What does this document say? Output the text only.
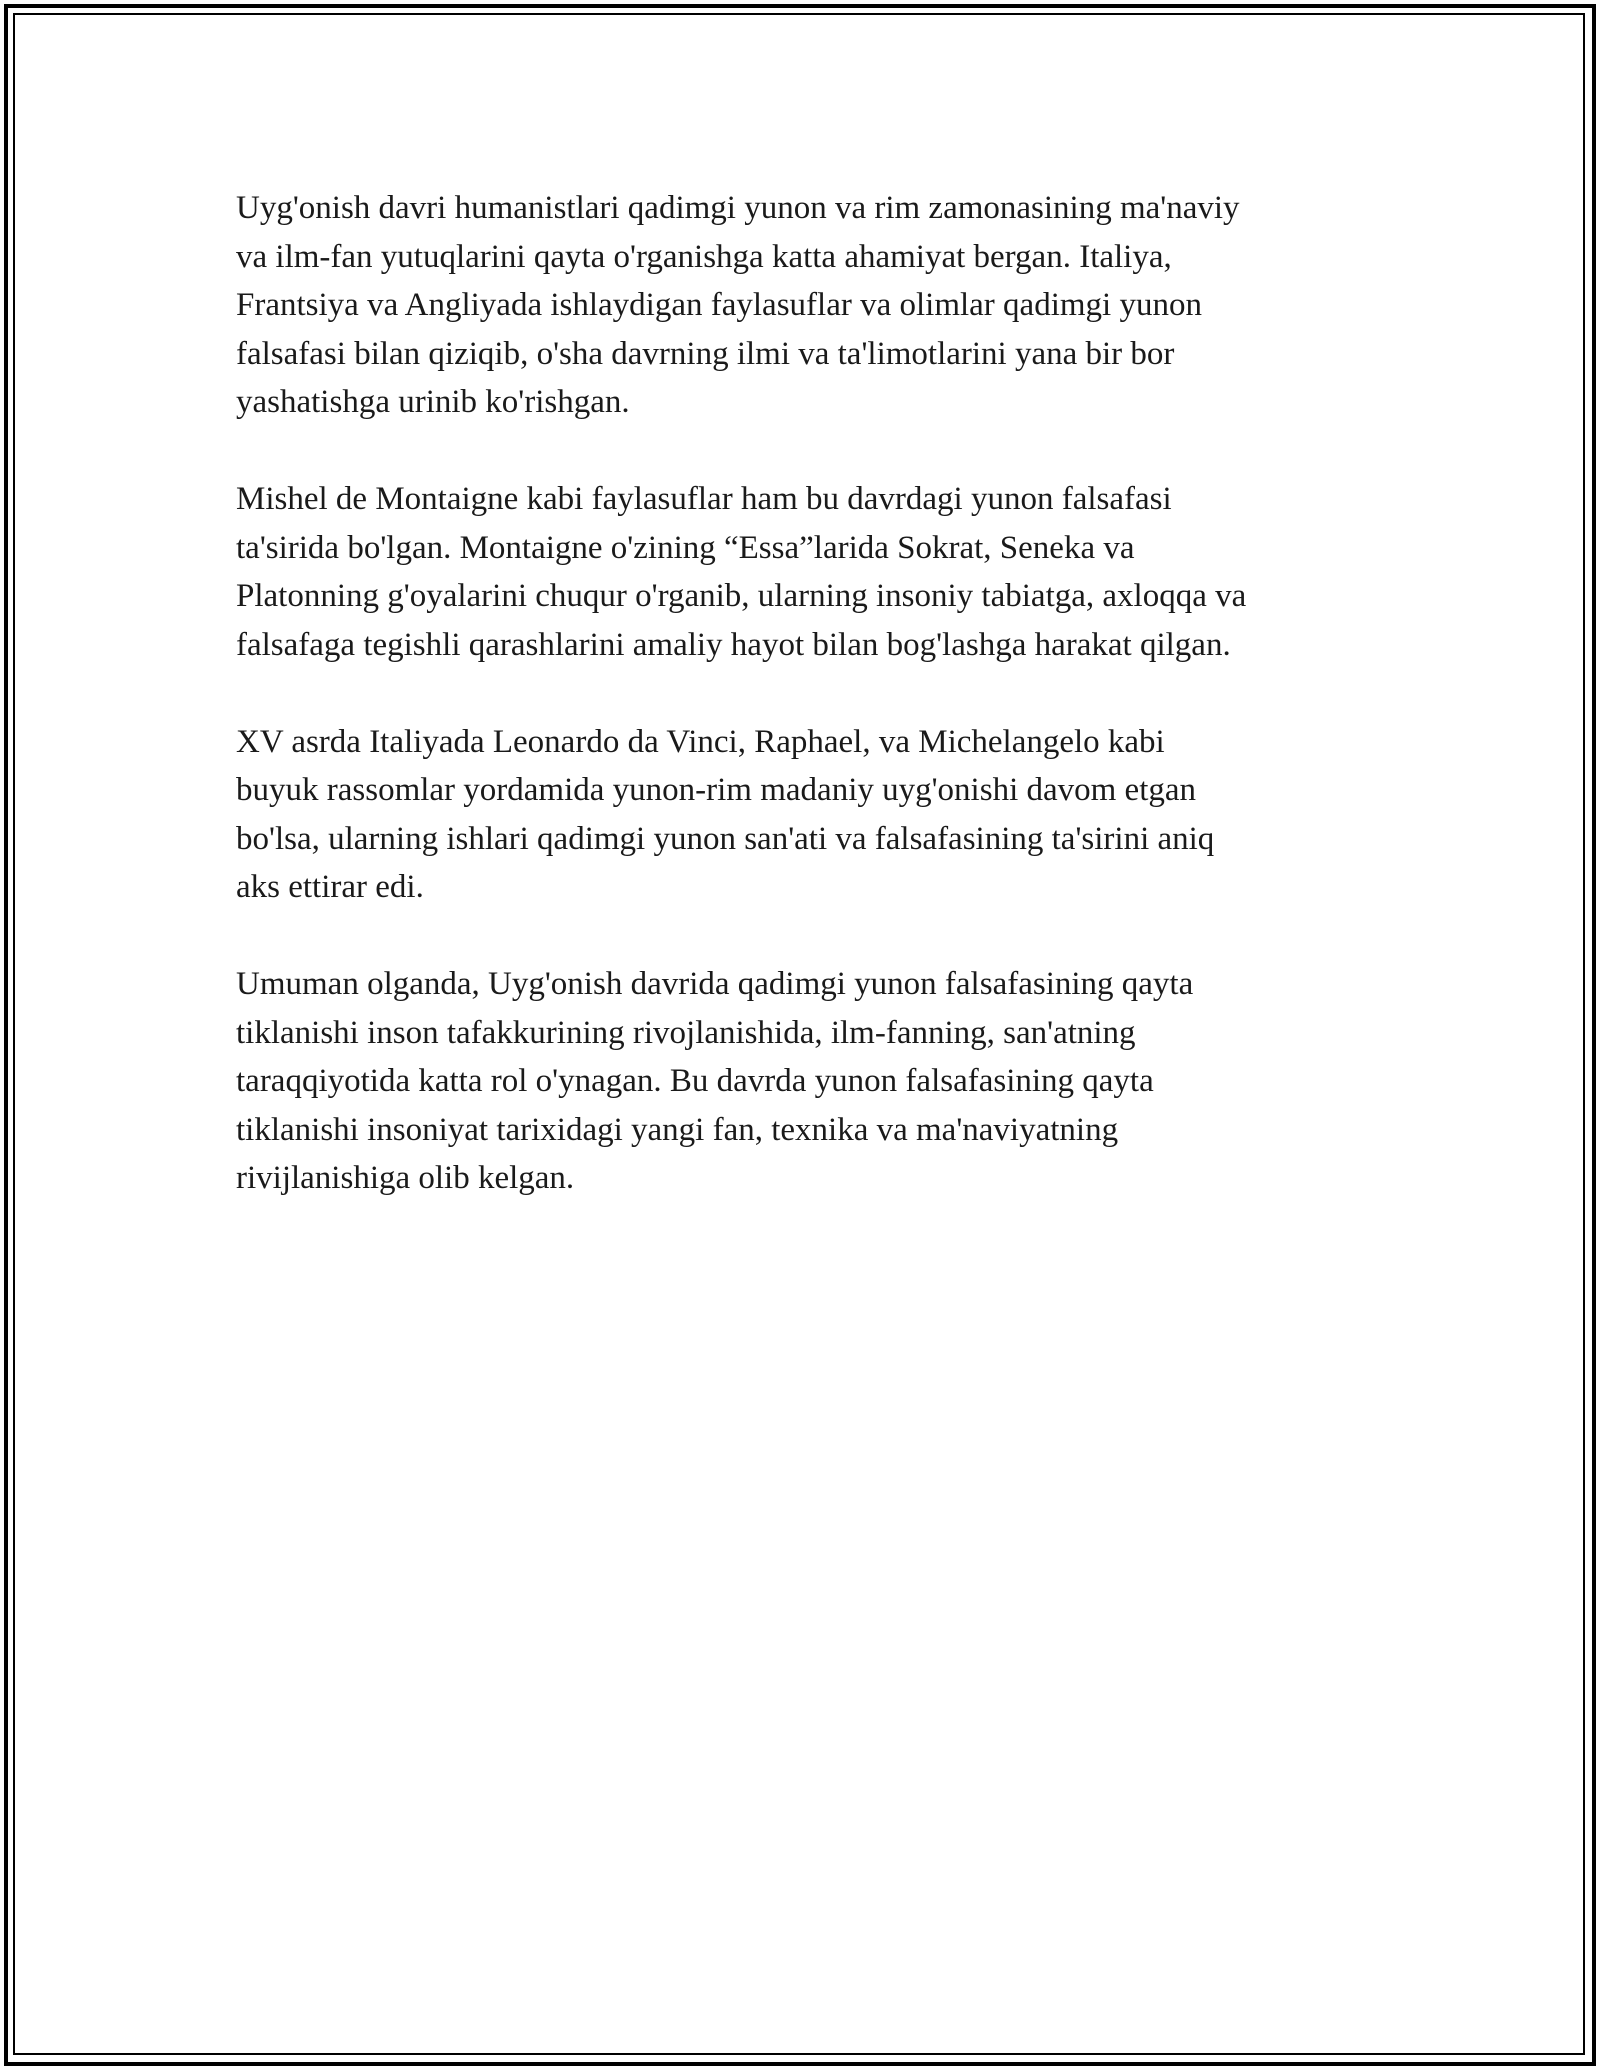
Uyg'onish davri humanistlari qadimgi yunon va rim zamonasining ma'naviy
va ilm-fan yutuqlarini qayta o'rganishga katta ahamiyat bergan. Italiya,
Frantsiya va Angliyada ishlaydigan faylasuflar va olimlar qadimgi yunon
falsafasi bilan qiziqib, o'sha davrning ilmi va ta'limotlarini yana bir bor
yashatishga urinib ko'rishgan.

Mishel de Montaigne kabi faylasuflar ham bu davrdagi yunon falsafasi
ta'sirida bo'lgan. Montaigne o'zining “Essa”larida Sokrat, Seneka va
Platonning g'oyalarini chuqur o'rganib, ularning insoniy tabiatga, axloqqa va
falsafaga tegishli qarashlarini amaliy hayot bilan bog'lashga harakat qilgan.

XV asrda Italiyada Leonardo da Vinci, Raphael, va Michelangelo kabi
buyuk rassomlar yordamida yunon-rim madaniy uyg'onishi davom etgan
bo'lsa, ularning ishlari qadimgi yunon san'ati va falsafasining ta'sirini aniq
aks ettirar edi.

Umuman olganda, Uyg'onish davrida qadimgi yunon falsafasining qayta
tiklanishi inson tafakkurining rivojlanishida, ilm-fanning, san'atning
taraqqiyotida katta rol o'ynagan. Bu davrda yunon falsafasining qayta
tiklanishi insoniyat tarixidagi yangi fan, texnika va ma'naviyatning
rivijlanishiga olib kelgan.
